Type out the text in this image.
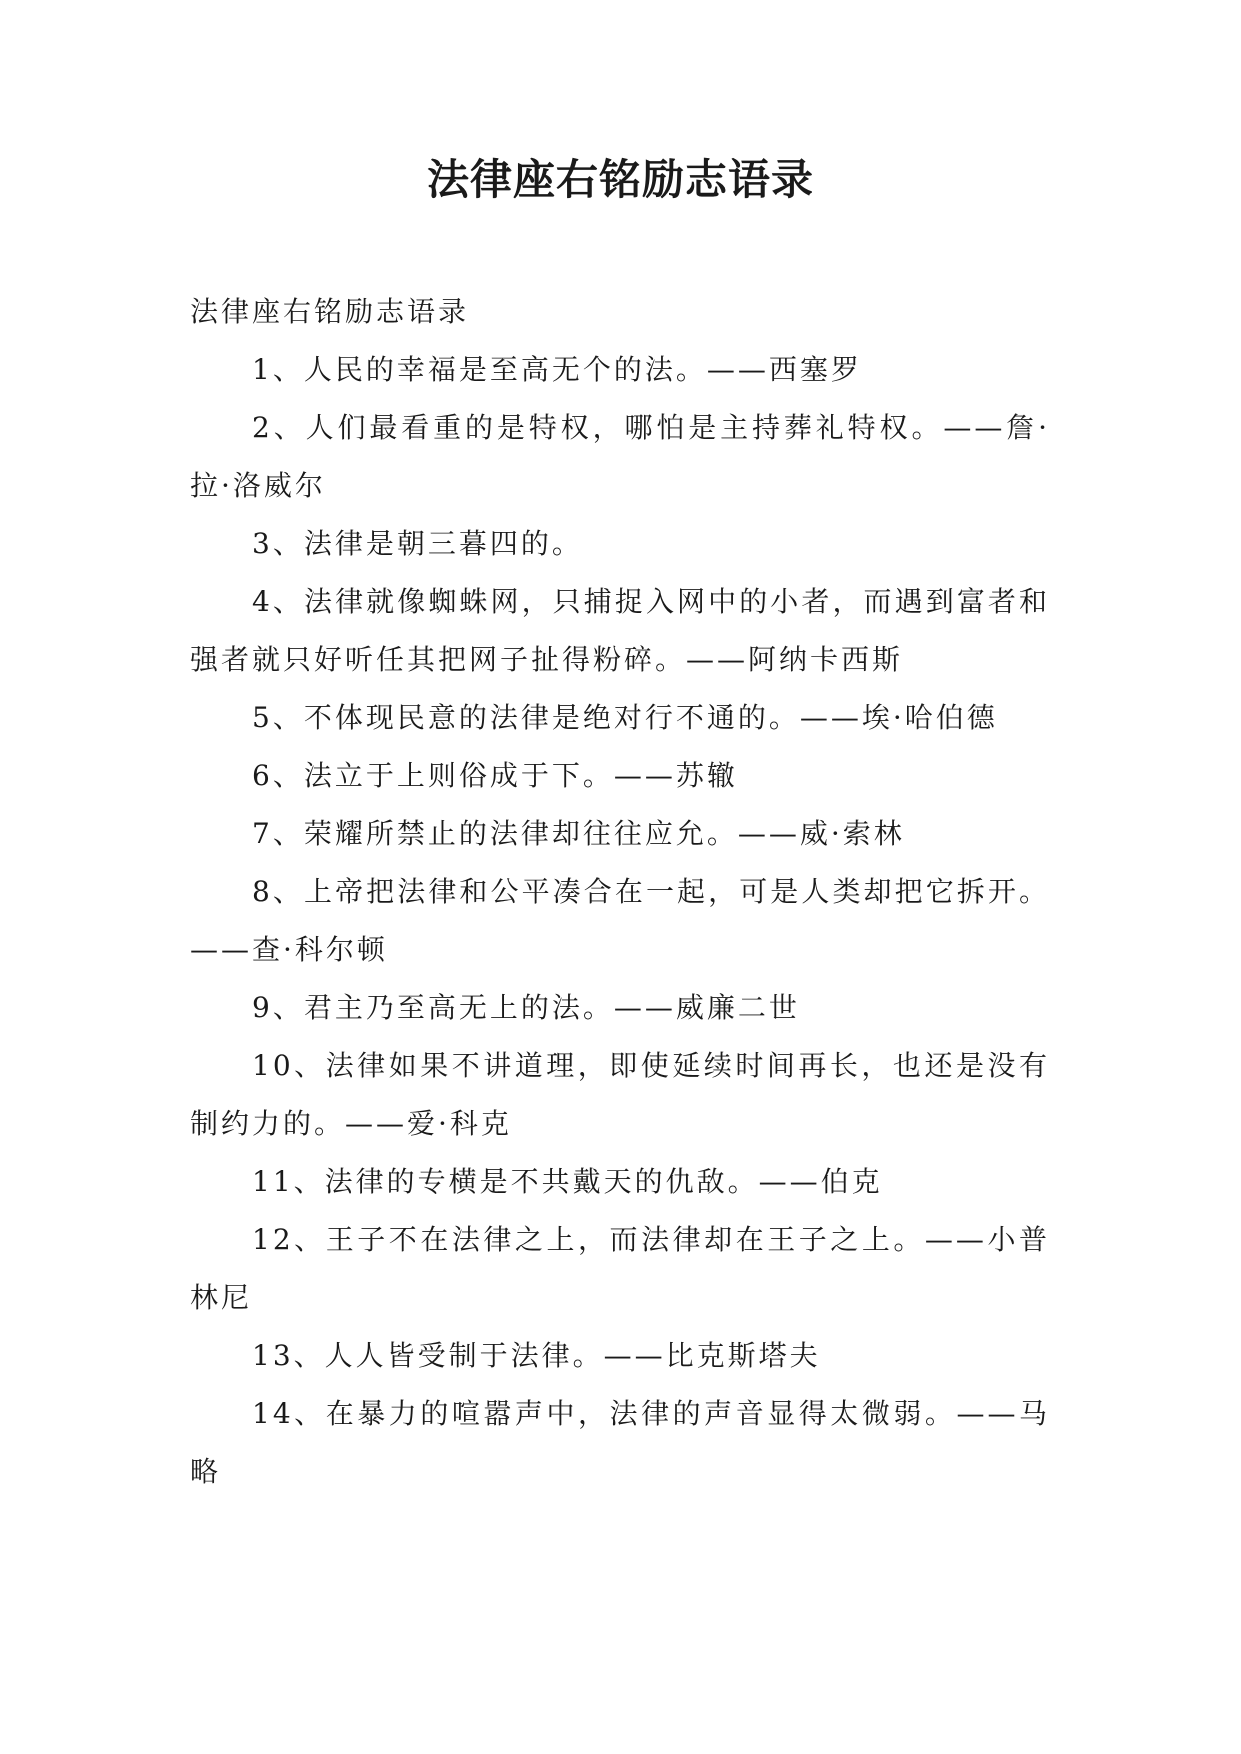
法律座右铭励志语录

法律座右铭励志语录

1、人民的幸福是至高无个的法。——西塞罗

2、人们最看重的是特权，哪怕是主持葬礼特权。——詹·拉·洛威尔

3、法律是朝三暮四的。

4、法律就像蜘蛛网，只捕捉入网中的小者，而遇到富者和强者就只好听任其把网子扯得粉碎。——阿纳卡西斯

5、不体现民意的法律是绝对行不通的。——埃·哈伯德

6、法立于上则俗成于下。——苏辙

7、荣耀所禁止的法律却往往应允。——威·索林

8、上帝把法律和公平凑合在一起，可是人类却把它拆开。——查·科尔顿

9、君主乃至高无上的法。——威廉二世

10、法律如果不讲道理，即使延续时间再长，也还是没有制约力的。——爱·科克

11、法律的专横是不共戴天的仇敌。——伯克

12、王子不在法律之上，而法律却在王子之上。——小普林尼

13、人人皆受制于法律。——比克斯塔夫

14、在暴力的喧嚣声中，法律的声音显得太微弱。——马略
